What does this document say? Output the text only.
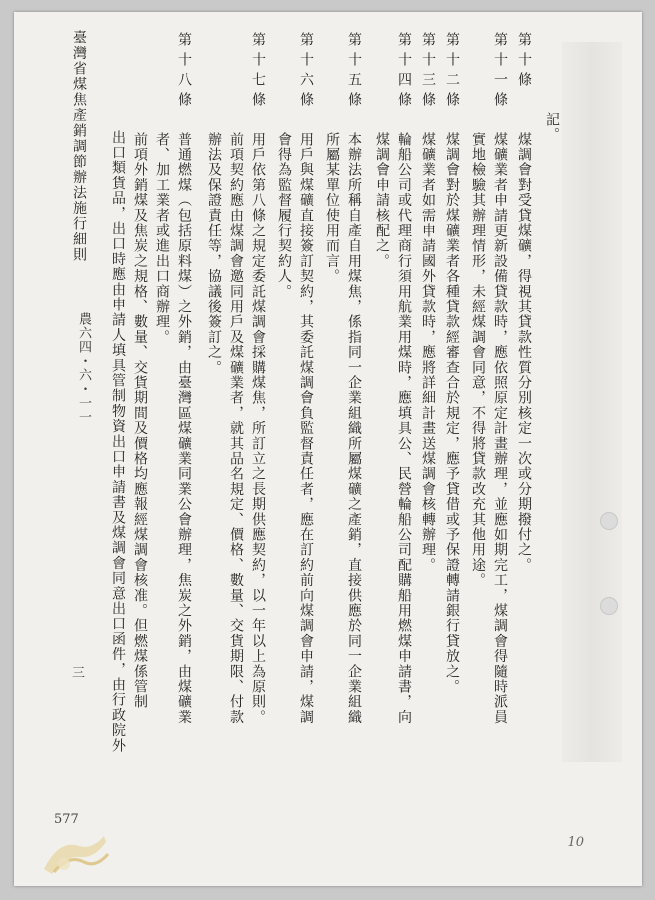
記。
第十條
煤調會對受貸煤礦，得視其貸款性質分別核定一次或分期撥付之。
第十一條
煤礦業者申請更新設備貸款時，應依照原定計畫辦理，並應如期完工，煤調會得隨時派員
實地檢驗其辦理情形，未經煤調會同意，不得將貸款改充其他用途。
第十二條
煤調會對於煤礦業者各種貸款經審查合於規定，應予貸借或予保證轉請銀行貸放之。
第十三條
煤礦業者如需申請國外貸款時，應將詳細計畫送煤調會核轉辦理。
第十四條
輪船公司或代理商行須用航業用煤時，應填具公、民營輪船公司配購船用燃煤申請書，向
煤調會申請核配之。
第十五條
本辦法所稱自產自用煤焦，係指同一企業組織所屬煤礦之產銷，直接供應於同一企業組織
所屬某單位使用而言。
第十六條
用戶與煤礦直接簽訂契約，其委託煤調會負監督責任者，應在訂約前向煤調會申請，煤調
會得為監督履行契約人。
第十七條
用戶依第八條之規定委託煤調會採購煤焦，所訂立之長期供應契約，以一年以上為原則。
前項契約應由煤調會邀同用戶及煤礦業者，就其品名規定、價格、數量、交貨期限、付款
辦法及保證責任等，協議後簽訂之。
第十八條
普通燃煤（包括原料煤）之外銷，由臺灣區煤礦業同業公會辦理，焦炭之外銷，由煤礦業
者、加工業者或進出口商辦理。
前項外銷煤及焦炭之規格、數量、交貨期間及價格均應報經煤調會核准。但燃煤係管制
出口類貨品，出口時應由申請人填具管制物資出口申請書及煤調會同意出口函件，由行政院外
臺灣省煤焦產銷調節辦法施行細則
農六四・六・一一
三
577
10
